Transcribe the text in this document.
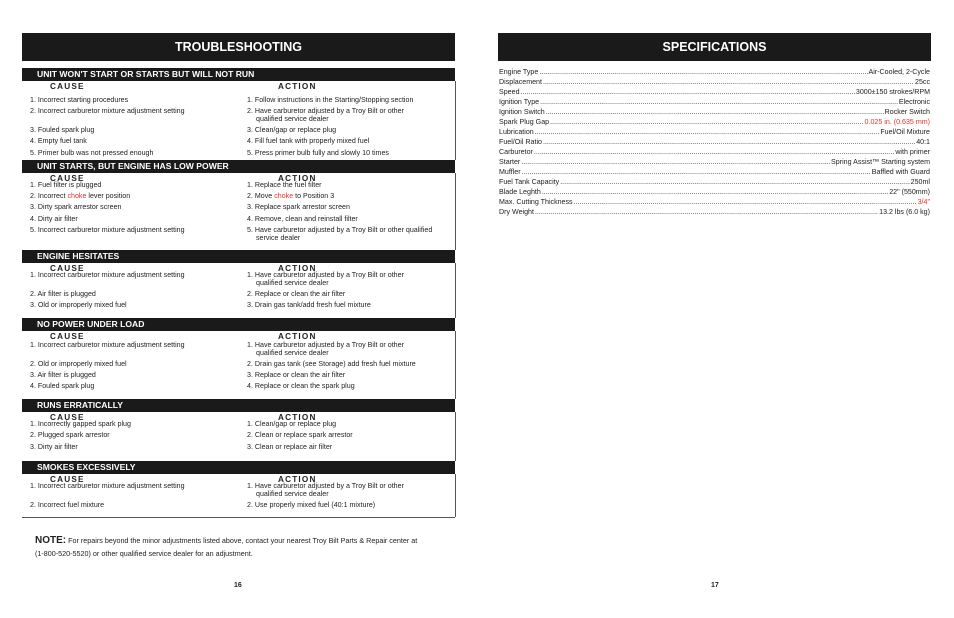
TROUBLESHOOTING	SPECIFICATIONS
UNIT WON'T START OR STARTS BUT WILL NOT RUN
CAUSE	ACTION
1. Incorrect starting procedures	1. Follow instructions in the Starting/Stopping section
2. Incorrect carburetor mixture adjustment setting	2. Have carburetor adjusted by a Troy Bilt or other
qualified service dealer
3. Fouled spark plug	3. Clean/gap or replace plug
4. Empty fuel tank	4. Fill fuel tank with properly mixed fuel
5. Primer bulb was not pressed enough	5. Press primer bulb fully and slowly 10 times
UNIT STARTS, BUT ENGINE HAS LOW POWER
CAUSE	ACTION
1. Fuel filter is plugged	1. Replace the fuel filter
2. Incorrect choke lever position	2. Move choke to Position 3
3. Dirty spark arrestor screen	3. Replace spark arrestor screen
4. Dirty air filter	4. Remove, clean and reinstall filter
5. Incorrect carburetor mixture adjustment setting	5. Have carburetor adjusted by a Troy Bilt or other qualified
service dealer
ENGINE HESITATES
CAUSE	ACTION
1. Incorrect carburetor mixture adjustment setting	1. Have carburetor adjusted by a Troy Bilt or other
qualified service dealer
2. Air filter is plugged	2. Replace or clean the air filter
3. Old or improperly mixed fuel	3. Drain gas tank/add fresh fuel mixture
NO POWER UNDER LOAD
CAUSE	ACTION
1. Incorrect carburetor mixture adjustment setting	1. Have carburetor adjusted by a Troy Bilt or other
qualified service dealer
2. Old or improperly mixed fuel	2. Drain gas tank (see Storage) add fresh fuel mixture
3. Air filter is plugged	3. Replace or clean the air filter
4. Fouled spark plug	4. Replace or clean the spark plug
RUNS ERRATICALLY
CAUSE	ACTION
1. Incorrectly gapped spark plug	1. Clean/gap or replace plug
2. Plugged spark arrestor	2. Clean or replace spark arrestor
3. Dirty air filter	3. Clean or replace air filter
SMOKES EXCESSIVELY
CAUSE	ACTION
1. Incorrect carburetor mixture adjustment setting	1. Have carburetor adjusted by a Troy Bilt or other
qualified service dealer
2. Incorrect fuel mixture	2. Use properly mixed fuel (40:1 mixture)
NOTE: For repairs beyond the minor adjustments listed above, contact your nearest Troy Bilt Parts & Repair center at
(1-800-520-5520) or other qualified service dealer for an adjustment.
16	17
Engine Type .....	Air-Cooled, 2-Cycle
Displacement .....	25cc
Speed .....	3000±150 strokes/RPM
Ignition Type .....	Electronic
Ignition Switch .....	Rocker Switch
Spark Plug Gap .....	0.025 in. (0.635 mm)
Lubrication .....	Fuel/Oil Mixture
Fuel/Oil Ratio .....	40:1
Carburetor .....	with primer
Starter .....	Spring Assist™ Starting system
Muffler .....	Baffled with Guard
Fuel Tank Capacity .....	250ml
Blade Leghth .....	22" (550mm)
Max. Cutting Thickness .....	3/4"
Dry Weight .....	13.2 lbs (6.0 kg)
